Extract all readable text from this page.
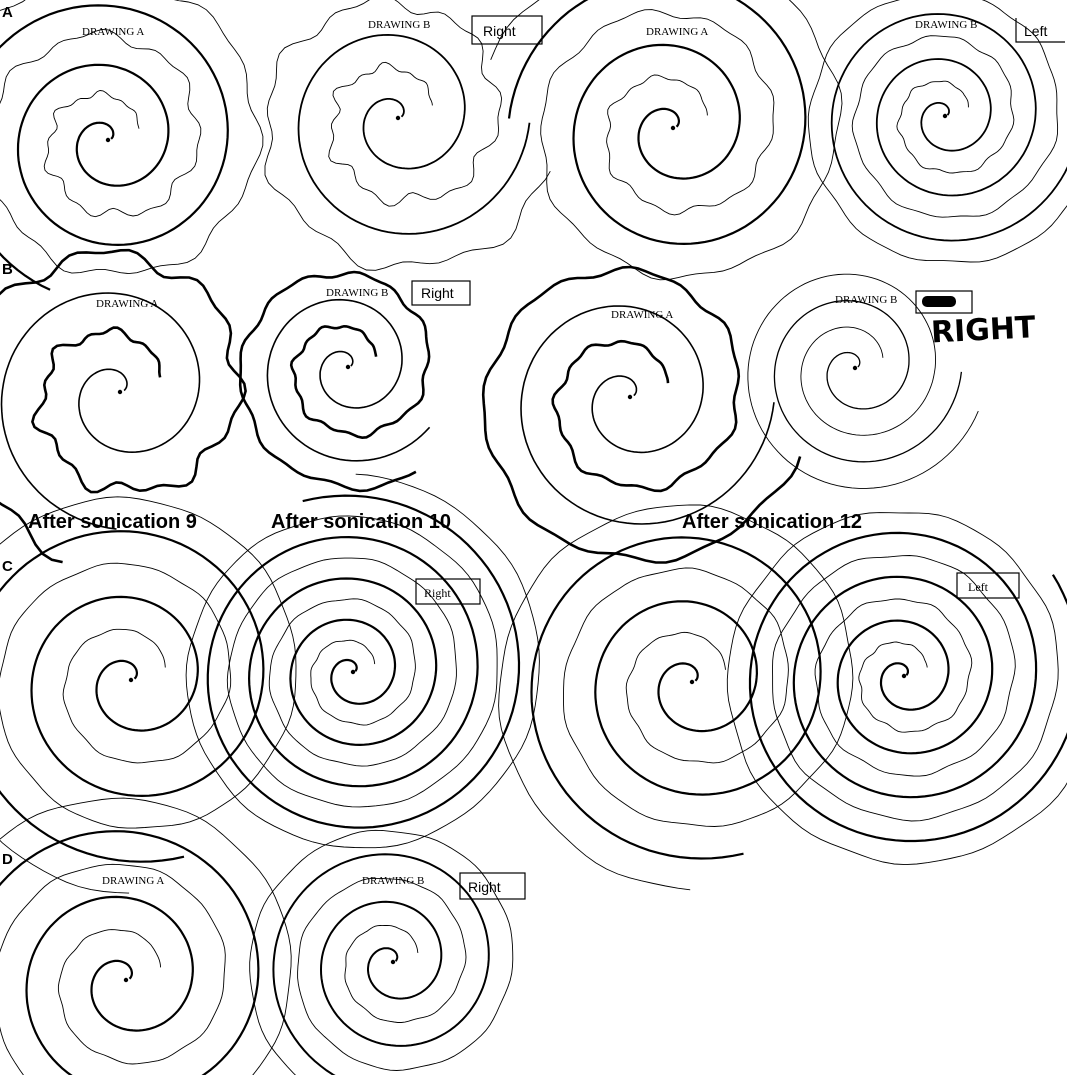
A
DRAWING A
DRAWING B	Right	DRAWING A
DRAWING B	Left
B
DRAWING A
DRAWING B Right
DRAWING A
DRAWING B
RIGHT
After sonication 9	After sonication 10	After sonication 12
C
Right	Left
D
DRAWING A	DRAWING B	Right
